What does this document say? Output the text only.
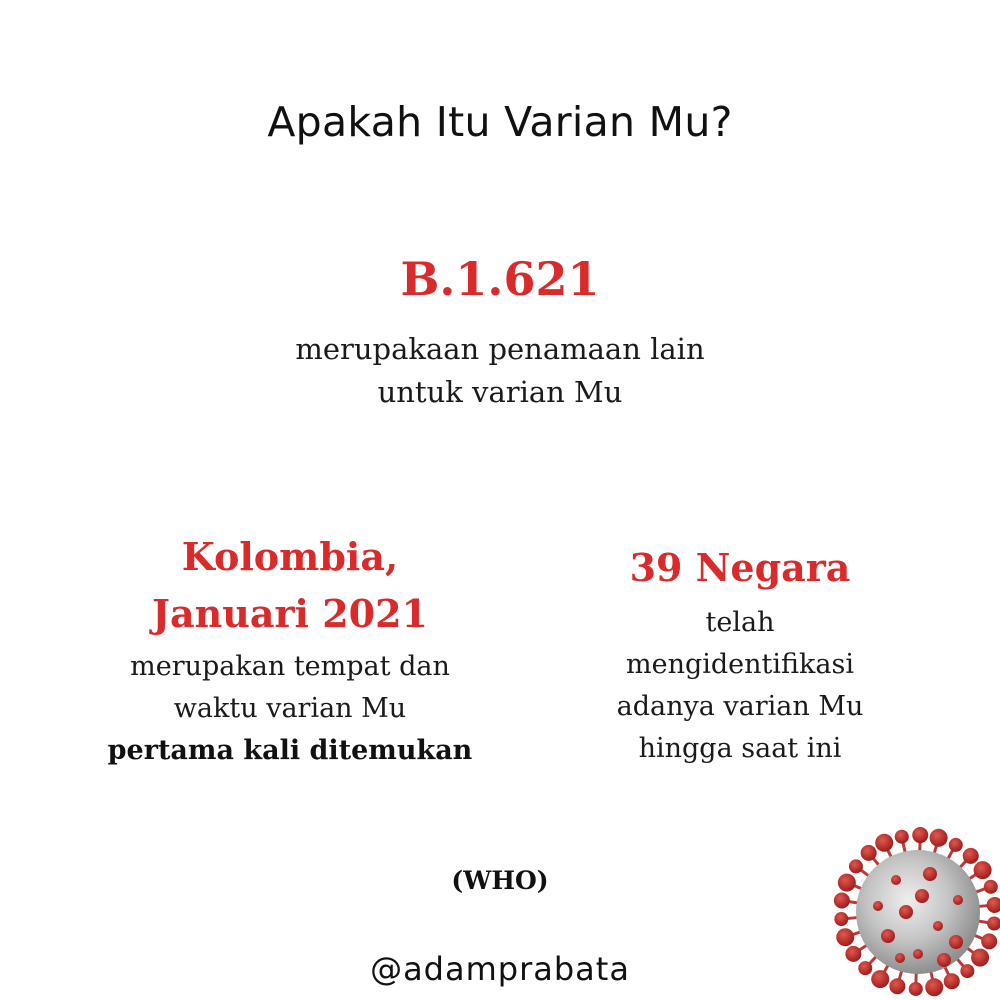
Apakah Itu Varian Mu?
B.1.621
merupakaan penamaan lain
untuk varian Mu
Kolombia,
Januari 2021
merupakan tempat dan
waktu varian Mu
pertama kali ditemukan
39 Negara
telah
mengidentifikasi
adanya varian Mu
hingga saat ini
(WHO)
@adamprabata
